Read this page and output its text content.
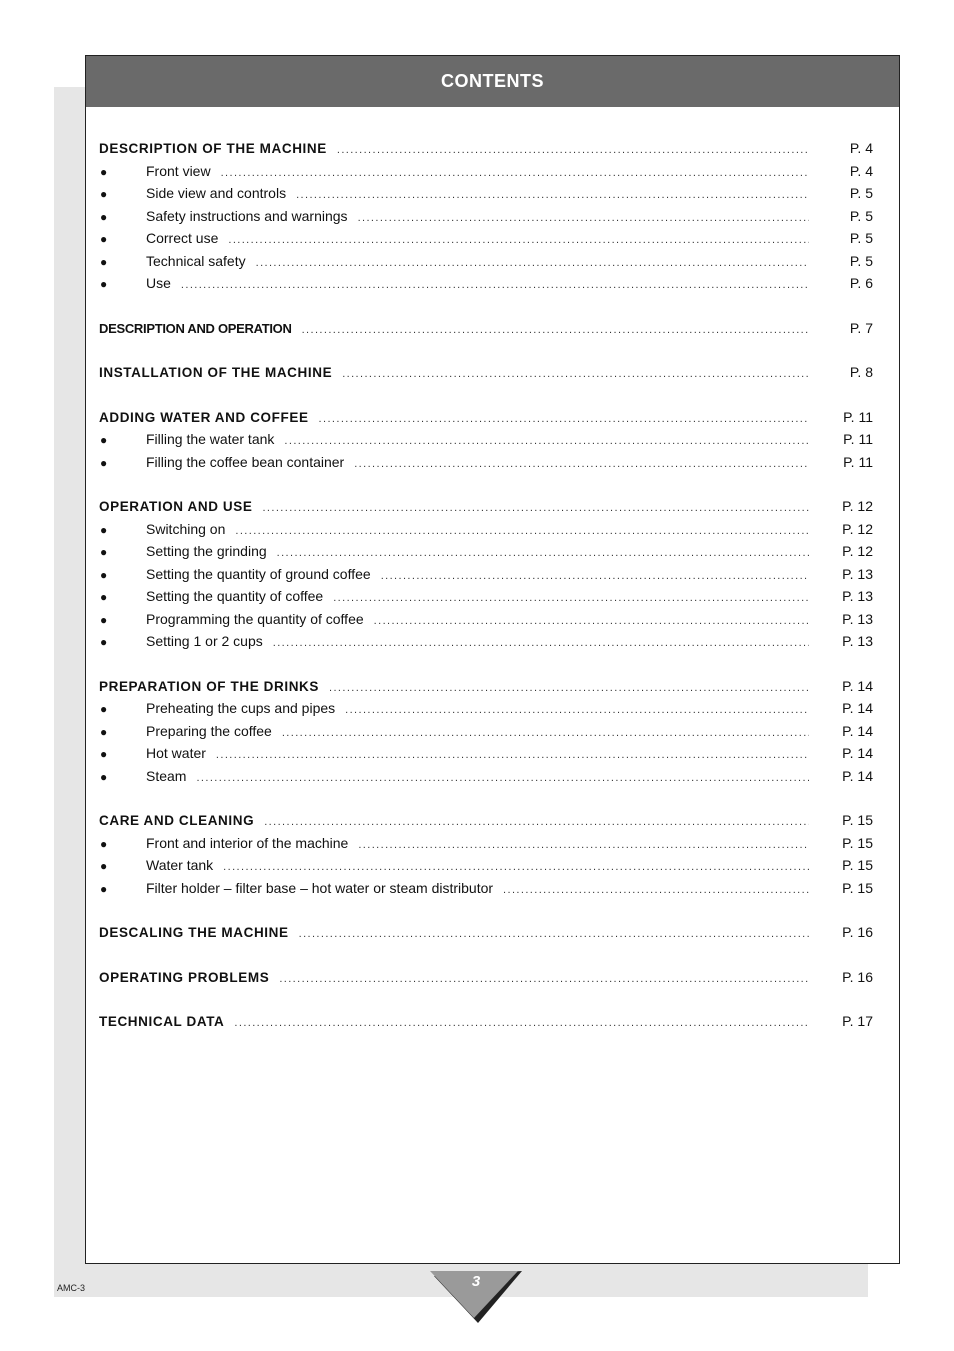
CONTENTS
DESCRIPTION OF THE MACHINE .....	P. 4
●	Front view .....	P. 4
●	Side view and controls .....	P. 5
●	Safety instructions and warnings .....	P. 5
●	Correct use .....	P. 5
●	Technical safety .....	P. 5
●	Use .....	P. 6
DESCRIPTION AND OPERATION .....	P. 7
INSTALLATION OF THE MACHINE .....	P. 8
ADDING WATER AND COFFEE .....	P. 11
●	Filling the water tank .....	P. 11
●	Filling the coffee bean container .....	P. 11
OPERATION AND USE .....	P. 12
●	Switching on .....	P. 12
●	Setting the grinding .....	P. 12
●	Setting the quantity of ground coffee .....	P. 13
●	Setting the quantity of coffee .....	P. 13
●	Programming the quantity of coffee .....	P. 13
●	Setting 1 or 2 cups .....	P. 13
PREPARATION OF THE DRINKS .....	P. 14
●	Preheating the cups and pipes .....	P. 14
●	Preparing the coffee .....	P. 14
●	Hot water .....	P. 14
●	Steam .....	P. 14
CARE AND CLEANING .....	P. 15
●	Front and interior of the machine .....	P. 15
●	Water tank .....	P. 15
●	Filter holder – filter base – hot water or steam distributor .....	P. 15
DESCALING THE MACHINE .....	P. 16
OPERATING PROBLEMS .....	P. 16
TECHNICAL DATA .....	P. 17
AMC-3	3
